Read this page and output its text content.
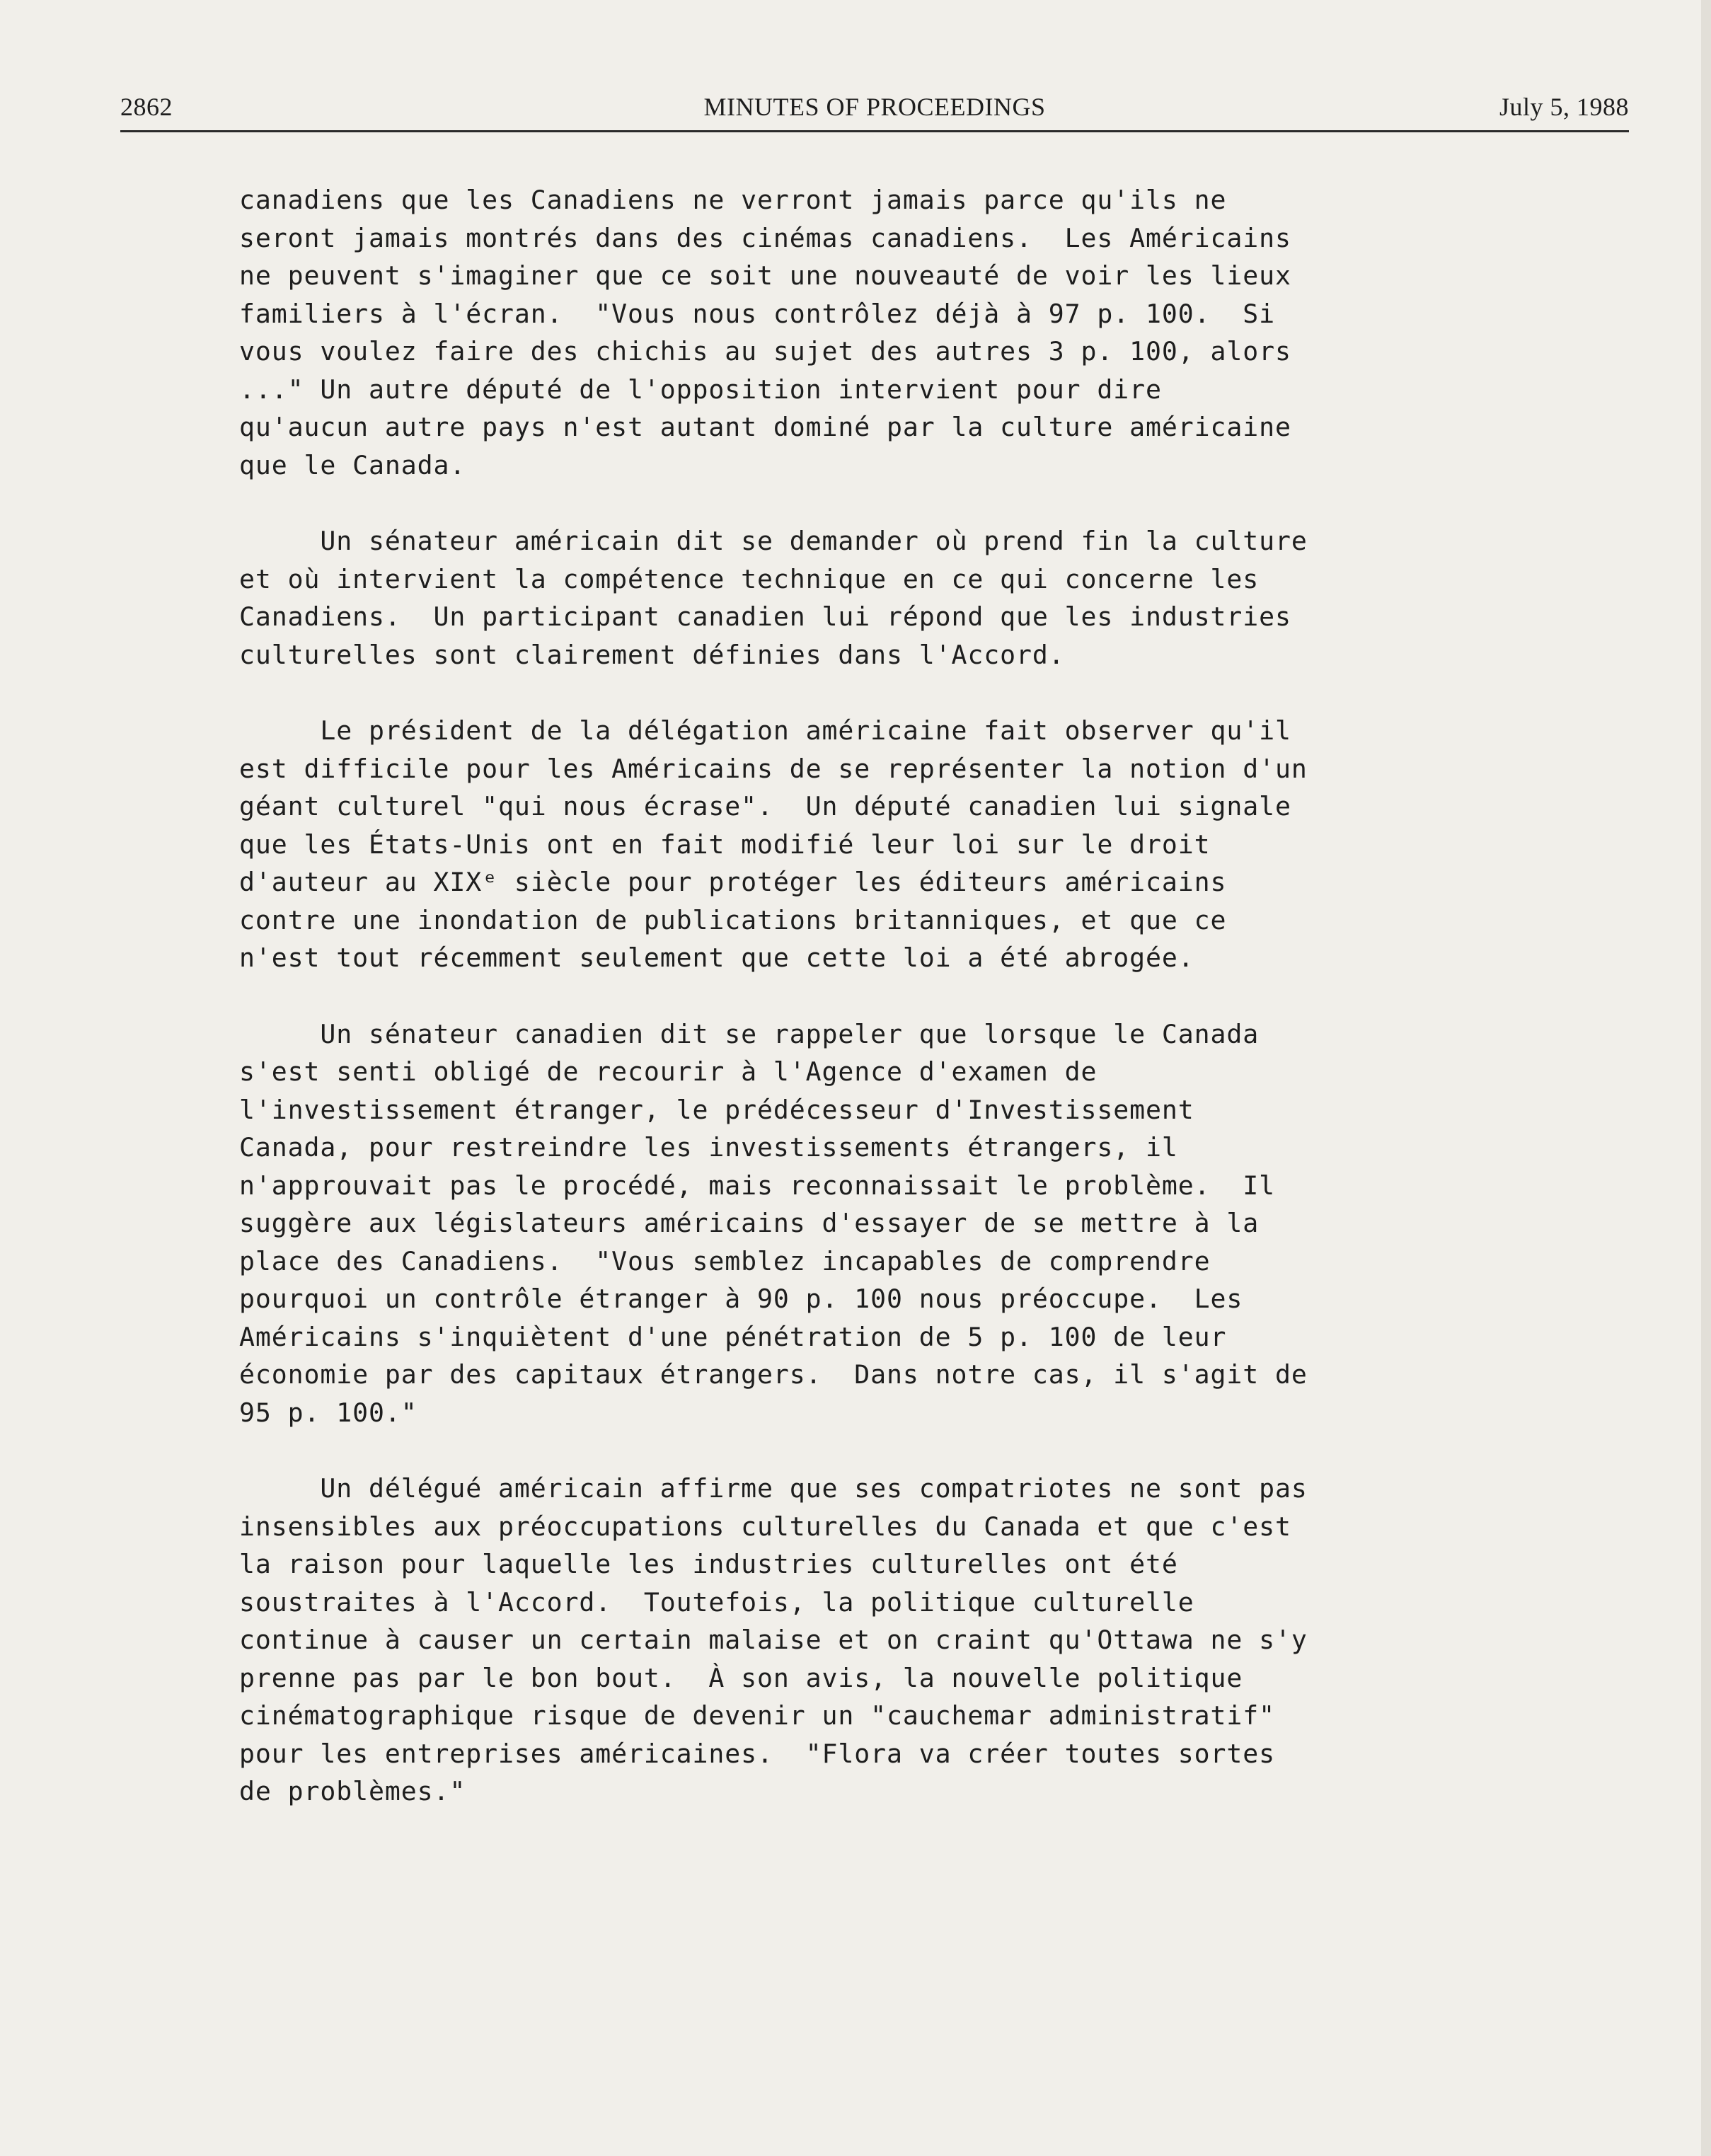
2862	MINUTES OF PROCEEDINGS	July 5, 1988

canadiens que les Canadiens ne verront jamais parce qu'ils ne
seront jamais montrés dans des cinémas canadiens.  Les Américains
ne peuvent s'imaginer que ce soit une nouveauté de voir les lieux
familiers à l'écran.  "Vous nous contrôlez déjà à 97 p. 100.  Si
vous voulez faire des chichis au sujet des autres 3 p. 100, alors
..." Un autre député de l'opposition intervient pour dire
qu'aucun autre pays n'est autant dominé par la culture américaine
que le Canada.

Un sénateur américain dit se demander où prend fin la culture
et où intervient la compétence technique en ce qui concerne les
Canadiens.  Un participant canadien lui répond que les industries
culturelles sont clairement définies dans l'Accord.

Le président de la délégation américaine fait observer qu'il
est difficile pour les Américains de se représenter la notion d'un
géant culturel "qui nous écrase".  Un député canadien lui signale
que les États-Unis ont en fait modifié leur loi sur le droit
d'auteur au XIXᵉ siècle pour protéger les éditeurs américains
contre une inondation de publications britanniques, et que ce
n'est tout récemment seulement que cette loi a été abrogée.

Un sénateur canadien dit se rappeler que lorsque le Canada
s'est senti obligé de recourir à l'Agence d'examen de
l'investissement étranger, le prédécesseur d'Investissement
Canada, pour restreindre les investissements étrangers, il
n'approuvait pas le procédé, mais reconnaissait le problème.  Il
suggère aux législateurs américains d'essayer de se mettre à la
place des Canadiens.  "Vous semblez incapables de comprendre
pourquoi un contrôle étranger à 90 p. 100 nous préoccupe.  Les
Américains s'inquiètent d'une pénétration de 5 p. 100 de leur
économie par des capitaux étrangers.  Dans notre cas, il s'agit de
95 p. 100."

Un délégué américain affirme que ses compatriotes ne sont pas
insensibles aux préoccupations culturelles du Canada et que c'est
la raison pour laquelle les industries culturelles ont été
soustraites à l'Accord.  Toutefois, la politique culturelle
continue à causer un certain malaise et on craint qu'Ottawa ne s'y
prenne pas par le bon bout.  À son avis, la nouvelle politique
cinématographique risque de devenir un "cauchemar administratif"
pour les entreprises américaines.  "Flora va créer toutes sortes
de problèmes."
